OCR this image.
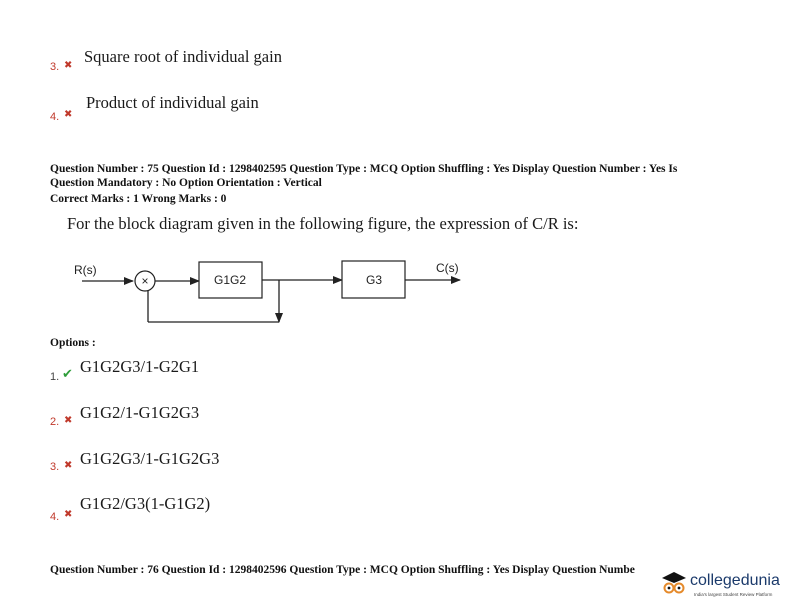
3. ✖ Square root of individual gain
4. ✖
Product of individual gain
Question Number : 75 Question Id : 1298402595 Question Type : MCQ Option Shuffling : Yes Display Question Number : Yes Is
Question Mandatory : No Option Orientation : Vertical
Correct Marks : 1 Wrong Marks : 0
For the block diagram given in the following figure, the expression of C/R is:
R(s)
×	G1G2	G3
C(s)
Options :
1. ✔ G1G2G3/1-G2G1
2. ✖ G1G2/1-G1G2G3
3. ✖ G1G2G3/1-G1G2G3
4. ✖
G1G2/G3(1-G1G2)
Question Number : 76 Question Id : 1298402596 Question Type : MCQ Option Shuffling : Yes Display Question Numbe
collegedunia
India's largest Student Review Platform
